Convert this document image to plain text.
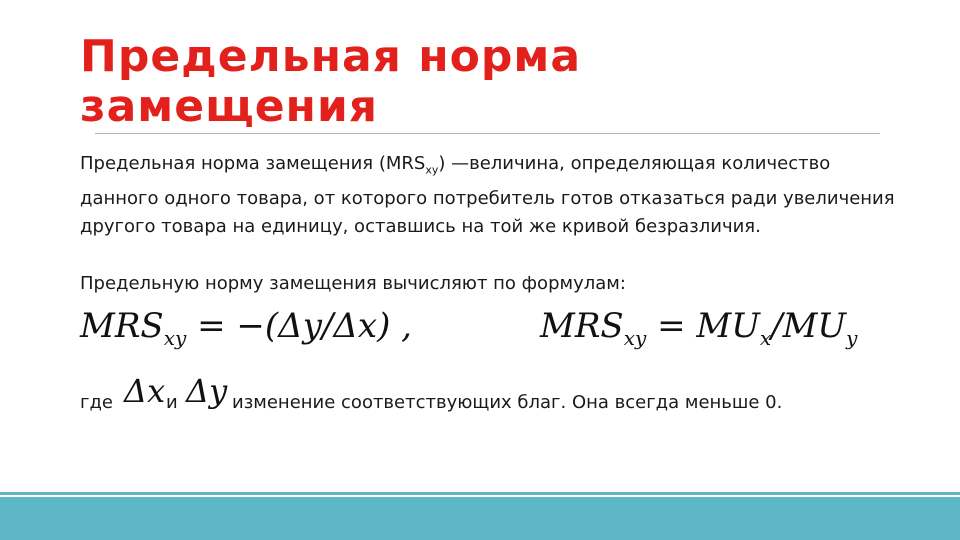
Предельная норма замещения

Предельная норма замещения $(MRS_{xy})$ —величина, определяющая количество данного одного товара, от которого потребитель готов отказаться ради увеличения другого товара на единицу, оставшись на той же кривой безразличия.

Предельную норму замещения вычисляют по формулам:

$MRS_{xy} = -(\Delta y/\Delta x)$ ,	$MRS_{xy} = MU_x/MU_y$
где Δx и Δy изменение соответствующих благ. Она всегда меньше 0.
